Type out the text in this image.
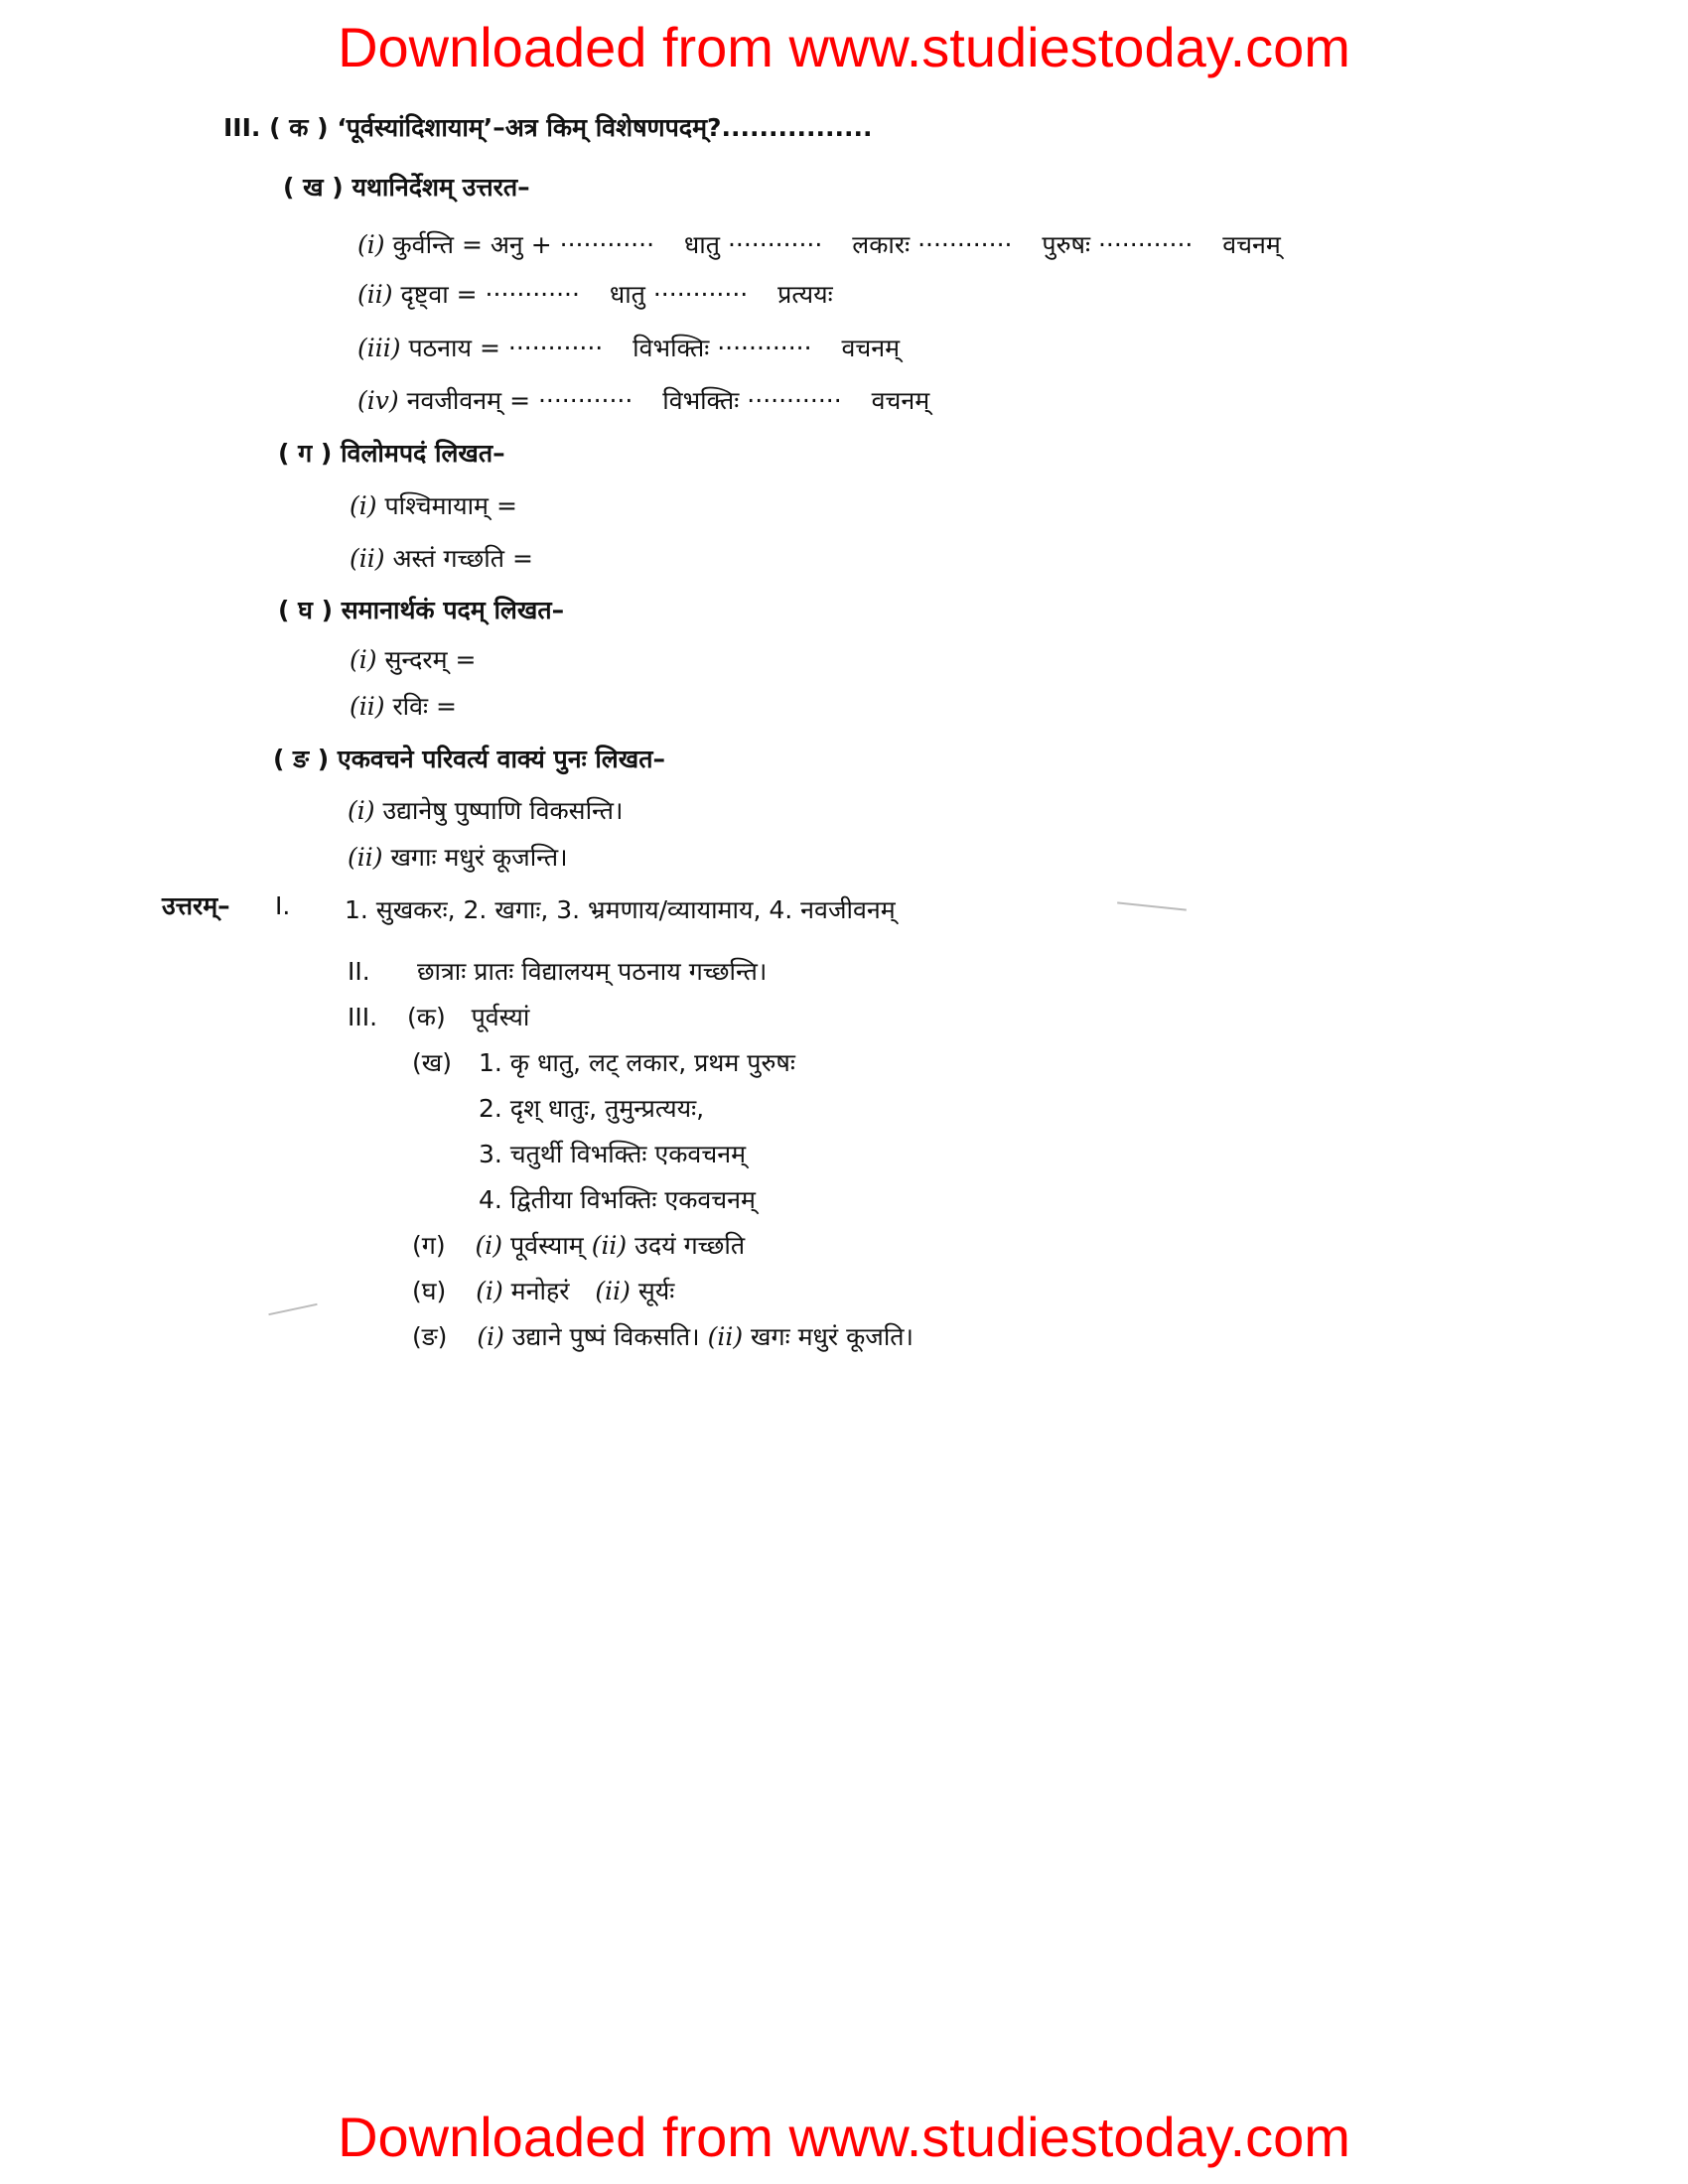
Downloaded from www.studiestoday.com
III. ( क ) ‘पूर्वस्यांदिशायाम्’–अत्र किम् विशेषणपदम्?................
( ख ) यथानिर्देशम् उत्तरत–
(i) कुर्वन्ति = अनु + ············ धातु ············ लकारः ············ पुरुषः ············ वचनम्
(ii) दृष्ट्वा = ············ धातु ············ प्रत्ययः
(iii) पठनाय = ············ विभक्तिः ············ वचनम्
(iv) नवजीवनम् = ············ विभक्तिः ············ वचनम्
( ग ) विलोमपदं लिखत–
(i) पश्चिमायाम् =
(ii) अस्तं गच्छति =
( घ ) समानार्थकं पदम् लिखत–
(i) सुन्दरम् =
(ii) रविः =
( ङ ) एकवचने परिवर्त्य वाक्यं पुनः लिखत–
(i) उद्यानेषु पुष्पाणि विकसन्ति।
(ii) खगाः मधुरं कूजन्ति।
उत्तरम्– I. 1. सुखकरः, 2. खगाः, 3. भ्रमणाय/व्यायामाय, 4. नवजीवनम्
II. छात्राः प्रातः विद्यालयम् पठनाय गच्छन्ति।
III. (क) पूर्वस्यां
(ख) 1. कृ धातु, लट् लकार, प्रथम पुरुषः
2. दृश् धातुः, तुमुन्प्रत्ययः,
3. चतुर्थी विभक्तिः एकवचनम्
4. द्वितीया विभक्तिः एकवचनम्
(ग) (i) पूर्वस्याम् (ii) उदयं गच्छति
(घ) (i) मनोहरं (ii) सूर्यः
(ङ) (i) उद्याने पुष्पं विकसति। (ii) खगः मधुरं कूजति।
Downloaded from www.studiestoday.com
